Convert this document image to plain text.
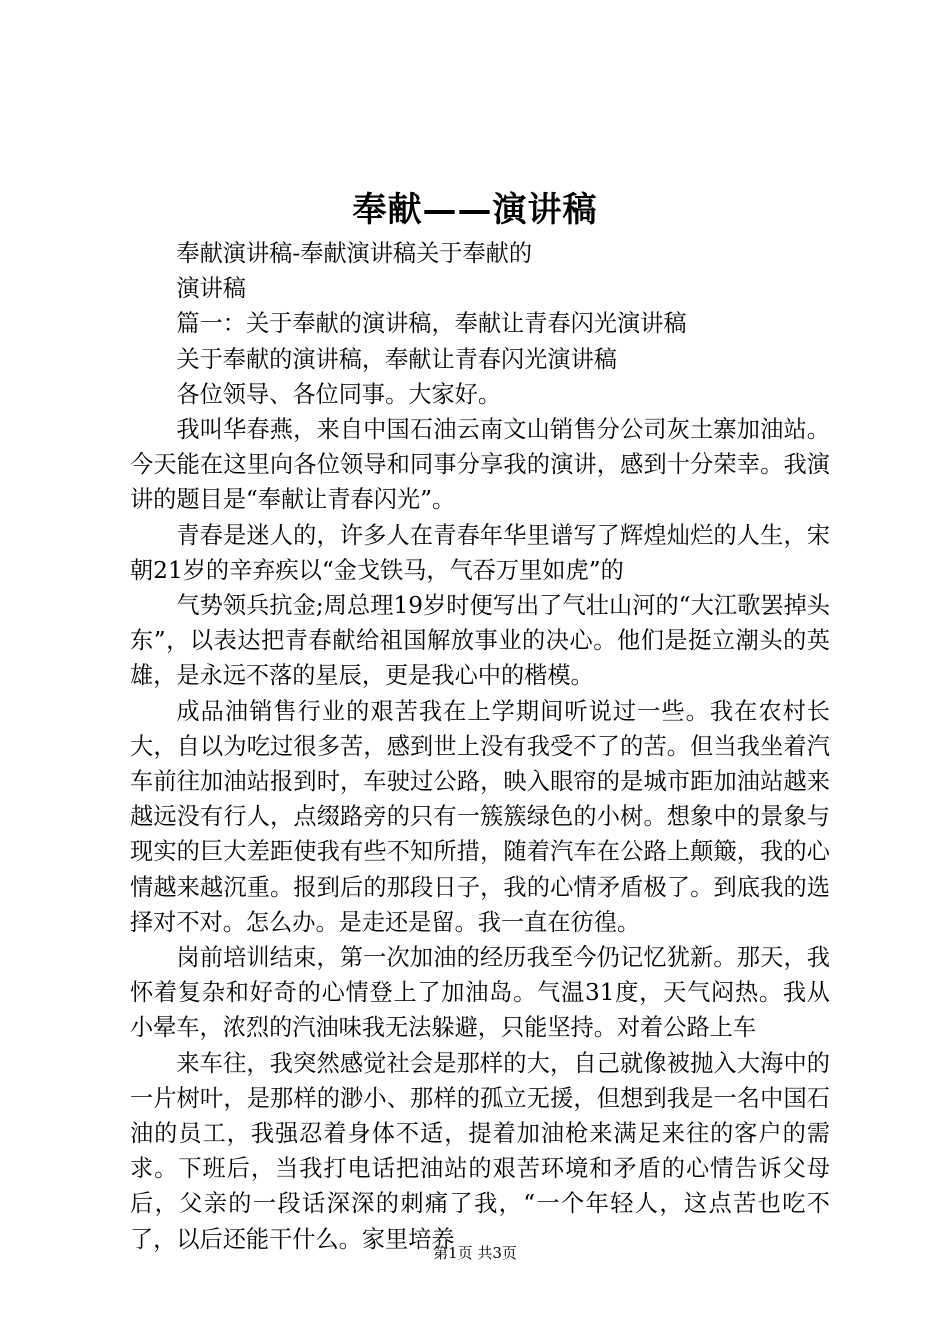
奉献——演讲稿
奉献演讲稿-奉献演讲稿关于奉献的
演讲稿
篇一：关于奉献的演讲稿，奉献让青春闪光演讲稿
关于奉献的演讲稿，奉献让青春闪光演讲稿
各位领导、各位同事。大家好。

我叫华春燕，来自中国石油云南文山销售分公司灰土寨加油站。今天能在这里向各位领导和同事分享我的演讲，感到十分荣幸。我演讲的题目是“奉献让青春闪光”。

青春是迷人的，许多人在青春年华里谱写了辉煌灿烂的人生，宋朝21岁的辛弃疾以“金戈铁马，气吞万里如虎”的

气势领兵抗金;周总理19岁时便写出了气壮山河的“大江歌罢掉头东”，以表达把青春献给祖国解放事业的决心。他们是挺立潮头的英雄，是永远不落的星辰，更是我心中的楷模。

成品油销售行业的艰苦我在上学期间听说过一些。我在农村长大，自以为吃过很多苦，感到世上没有我受不了的苦。但当我坐着汽车前往加油站报到时，车驶过公路，映入眼帘的是城市距加油站越来越远没有行人，点缀路旁的只有一簇簇绿色的小树。想象中的景象与现实的巨大差距使我有些不知所措，随着汽车在公路上颠簸，我的心情越来越沉重。报到后的那段日子，我的心情矛盾极了。到底我的选择对不对。怎么办。是走还是留。我一直在彷徨。

岗前培训结束，第一次加油的经历我至今仍记忆犹新。那天，我怀着复杂和好奇的心情登上了加油岛。气温31度，天气闷热。我从小晕车，浓烈的汽油味我无法躲避，只能坚持。对着公路上车

来车往，我突然感觉社会是那样的大，自己就像被抛入大海中的一片树叶，是那样的渺小、那样的孤立无援，但想到我是一名中国石油的员工，我强忍着身体不适，提着加油枪来满足来往的客户的需求。下班后，当我打电话把油站的艰苦环境和矛盾的心情告诉父母后，父亲的一段话深深的刺痛了我，“一个年轻人，这点苦也吃不了，以后还能干什么。家里培养

第1页 共3页
